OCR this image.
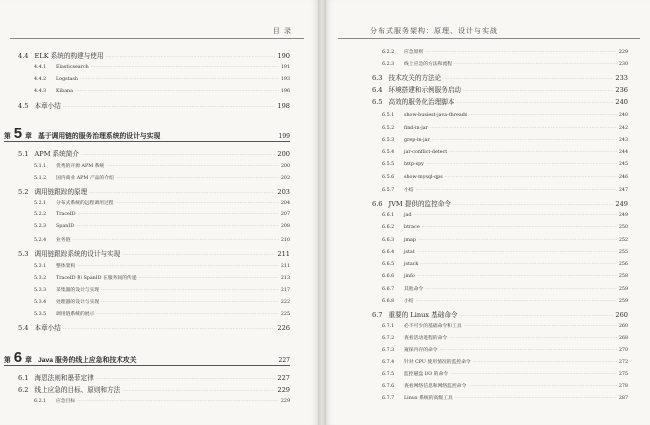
目 录
4.4 ELK 系统的构建与使用 ·····	190
4.4.1	Elasticsearch ·····	191
4.4.2	Logstash ·····	193
4.4.3	Kibana ·····	196
4.5 本章小结 ·····	198
第 5 章 基于调用链的服务治理系统的设计与实现	199
5.1 APM 系统简介 ·····	200
5.1.1	优秀的开源 APM 系统 ·····	200
5.1.2	国内商业 APM 产品的介绍 ·····	202
5.2 调用链跟踪的原理 ·····	203
5.2.1	分布式系统的远程调用过程 ·····	204
5.2.2	TraceID ·····	207
5.2.3	SpanID ·····	208
5.2.4	业务链 ·····	210
5.3 调用链跟踪系统的设计与实现 ·····	211
5.3.1	整体架构 ·····	211
5.3.2	TraceID 和 SpanID 在服务间的传递 ·····	213
5.3.3	采集器的设计与实现 ·····	217
5.3.4	处理器的设计与实现 ·····	222
5.3.5	调用链系统的展示 ·····	225
5.4 本章小结 ·····	226
第 6 章 Java 服务的线上应急和技术攻关	227
6.1 海恩法则和墨菲定律 ·····	227
6.2 线上应急的目标、原则和方法 ·····	229
6.2.1	应急目标 ·····	229
分布式服务架构：原理、设计与实战
6.2.2	应急原则 ·····	229
6.2.3	线上应急的方法和流程 ·····	230
6.3 技术攻关的方法论 ·····	233
6.4 环境搭建和示例服务启动 ·····	236
6.5 高效的服务化治理脚本 ·····	240
6.5.1	show-busiest-java-threads ·····	240
6.5.2	find-in-jar ·····	242
6.5.3	grep-in-jar ·····	243
6.5.4	jar-conflict-detect ·····	244
6.5.5	http-spy ·····	245
6.5.6	show-mysql-qps ·····	246
6.5.7	小结 ·····	247
6.6 JVM 提供的监控命令 ·····	249
6.6.1	jad ·····	249
6.6.2	btrace ·····	250
6.6.3	jmap ·····	252
6.6.4	jstat ·····	255
6.6.5	jstack ·····	256
6.6.6	jinfo ·····	258
6.6.7	其他命令 ·····	259
6.6.8	小结 ·····	259
6.7 重要的 Linux 基础命令 ·····	260
6.7.1	必不可少的基础命令和工具 ·····	260
6.7.2	查看活动进程的命令 ·····	268
6.7.3	窥探内存的命令 ·····	270
6.7.4	针对 CPU 使用情况的监控命令 ·····	272
6.7.5	监控磁盘 I/O 的命令 ·····	275
6.7.6	查看网络信息和网络监控命令 ·····	278
6.7.7	Linux 系统的高级工具 ·····	287
